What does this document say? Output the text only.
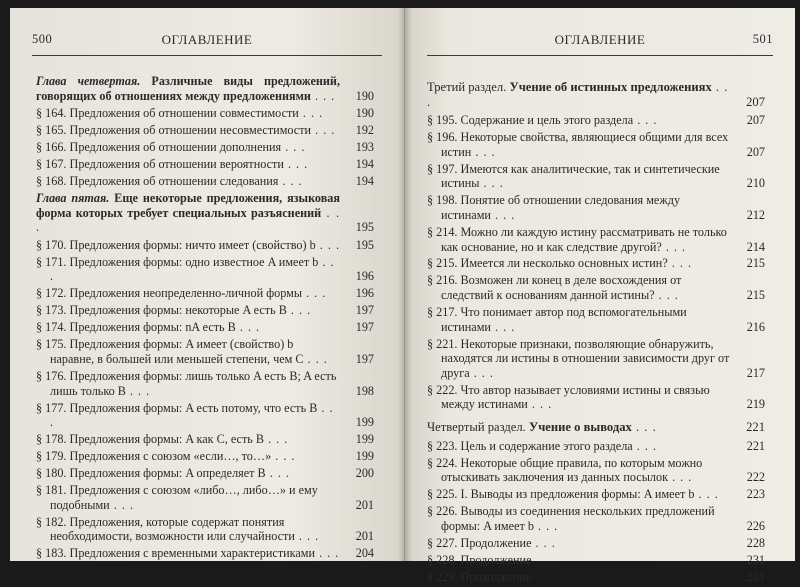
500	ОГЛАВЛЕНИЕ
Глава четвертая. Различные виды предложений, говорящих об отношениях между предложениями . . .	190
§ 164. Предложения об отношении совместимости . . .	190
§ 165. Предложения об отношении несовместимости . . .	192
§ 166. Предложения об отношении дополнения . . .	193
§ 167. Предложения об отношении вероятности . . .	194
§ 168. Предложения об отношении следования . . .	194
Глава пятая. Еще некоторые предложения, языковая форма которых требует специальных разъяснений . . .	195
§ 170. Предложения формы: ничто имеет (свойство) b . . .	195
§ 171. Предложения формы: одно известное A имеет b . . .	196
§ 172. Предложения неопределенно-личной формы . . .	196
§ 173. Предложения формы: некоторые A есть B . . .	197
§ 174. Предложения формы: nA есть B . . .	197
§ 175. Предложения формы: A имеет (свойство) b наравне, в большей или меньшей степени, чем C . . .	197
§ 176. Предложения формы: лишь только A есть B; A есть лишь только B . . .	198
§ 177. Предложения формы: A есть потому, что есть B . . .	199
§ 178. Предложения формы: A как C, есть B . . .	199
§ 179. Предложения с союзом «если…, то…» . . .	199
§ 180. Предложения формы: A определяет B . . .	200
§ 181. Предложения с союзом «либо…, либо…» и ему подобными . . .	201
§ 182. Предложения, которые содержат понятия необходимости, возможности или случайности . . .	201
§ 183. Предложения с временными характеристиками . . .	204
ОГЛАВЛЕНИЕ	501
Третий раздел. Учение об истинных предложениях . . .	207
§ 195. Содержание и цель этого раздела . . .	207
§ 196. Некоторые свойства, являющиеся общими для всех истин . . .	207
§ 197. Имеются как аналитические, так и синтетические истины . . .	210
§ 198. Понятие об отношении следования между истинами . . .	212
§ 214. Можно ли каждую истину рассматривать не только как основание, но и как следствие другой? . . .	214
§ 215. Имеется ли несколько основных истин? . . .	215
§ 216. Возможен ли конец в деле восхождения от следствий к основаниям данной истины? . . .	215
§ 217. Что понимает автор под вспомогательными истинами . . .	216
§ 221. Некоторые признаки, позволяющие обнаружить, находятся ли истины в отношении зависимости друг от друга . . .	217
§ 222. Что автор называет условиями истины и связью между истинами . . .	219
Четвертый раздел. Учение о выводах . . .	221
§ 223. Цель и содержание этого раздела . . .	221
§ 224. Некоторые общие правила, по которым можно отыскивать заключения из данных посылок . . .	222
§ 225. I. Выводы из предложения формы: A имеет b . . .	223
§ 226. Выводы из соединения нескольких предложений формы: A имеет b . . .	226
§ 227. Продолжение . . .	228
§ 228. Продолжение . . .	231
§ 229. Продолжение . . .	231
